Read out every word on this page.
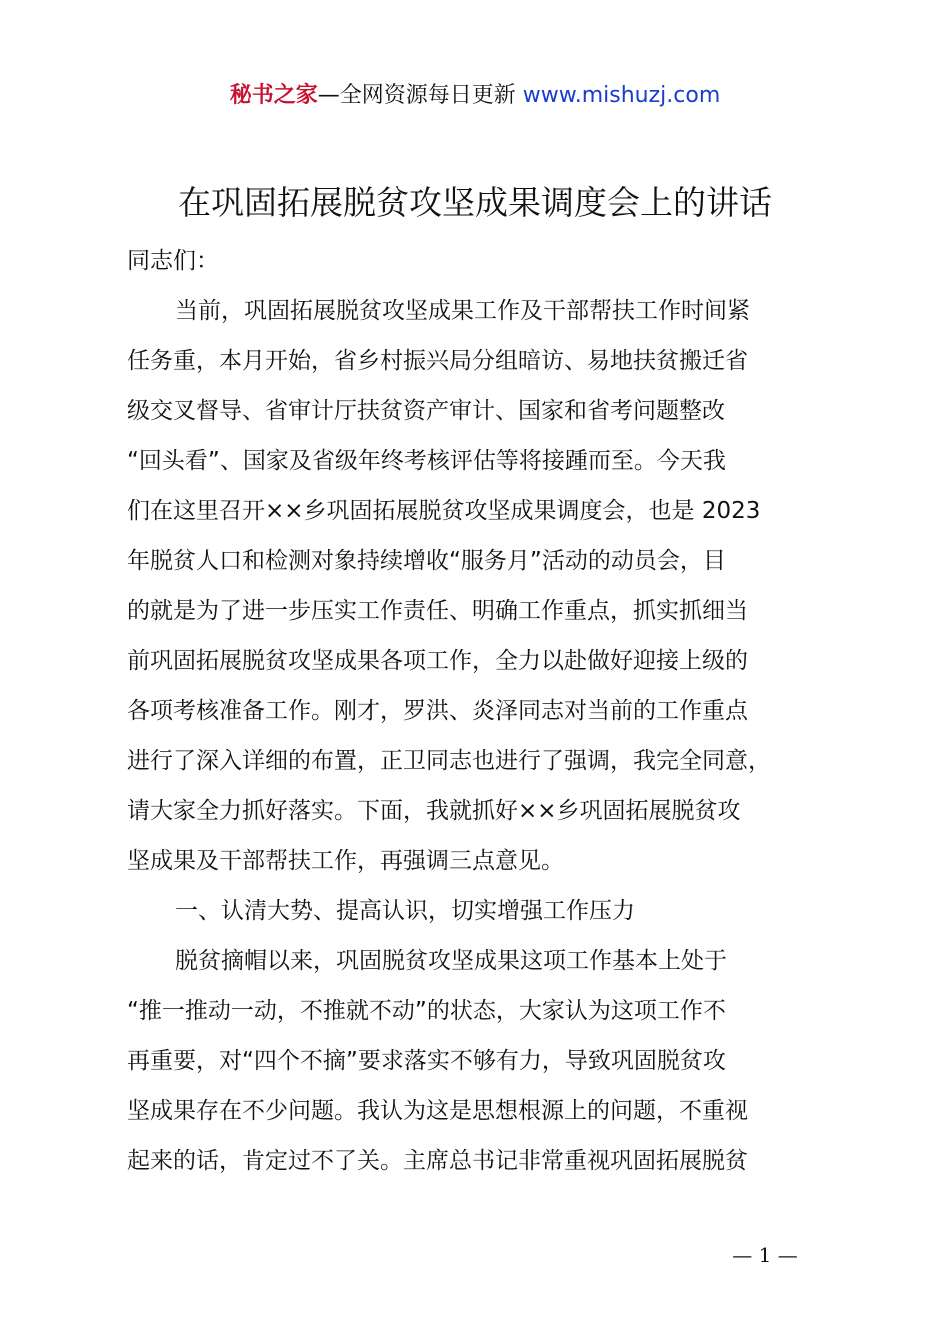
秘书之家—全网资源每日更新 www.mishuzj.com
在巩固拓展脱贫攻坚成果调度会上的讲话

同志们：

当前，巩固拓展脱贫攻坚成果工作及干部帮扶工作时间紧
任务重，本月开始，省乡村振兴局分组暗访、易地扶贫搬迁省
级交叉督导、省审计厅扶贫资产审计、国家和省考问题整改
“回头看”、国家及省级年终考核评估等将接踵而至。今天我
们在这里召开××乡巩固拓展脱贫攻坚成果调度会，也是 2023
年脱贫人口和检测对象持续增收“服务月”活动的动员会，目
的就是为了进一步压实工作责任、明确工作重点，抓实抓细当
前巩固拓展脱贫攻坚成果各项工作，全力以赴做好迎接上级的
各项考核准备工作。刚才，罗洪、炎泽同志对当前的工作重点
进行了深入详细的布置，正卫同志也进行了强调，我完全同意，
请大家全力抓好落实。下面，我就抓好××乡巩固拓展脱贫攻
坚成果及干部帮扶工作，再强调三点意见。

一、认清大势、提高认识，切实增强工作压力

脱贫摘帽以来，巩固脱贫攻坚成果这项工作基本上处于
“推一推动一动，不推就不动”的状态，大家认为这项工作不
再重要，对“四个不摘”要求落实不够有力，导致巩固脱贫攻
坚成果存在不少问题。我认为这是思想根源上的问题，不重视
起来的话，肯定过不了关。主席总书记非常重视巩固拓展脱贫

— 1 —
